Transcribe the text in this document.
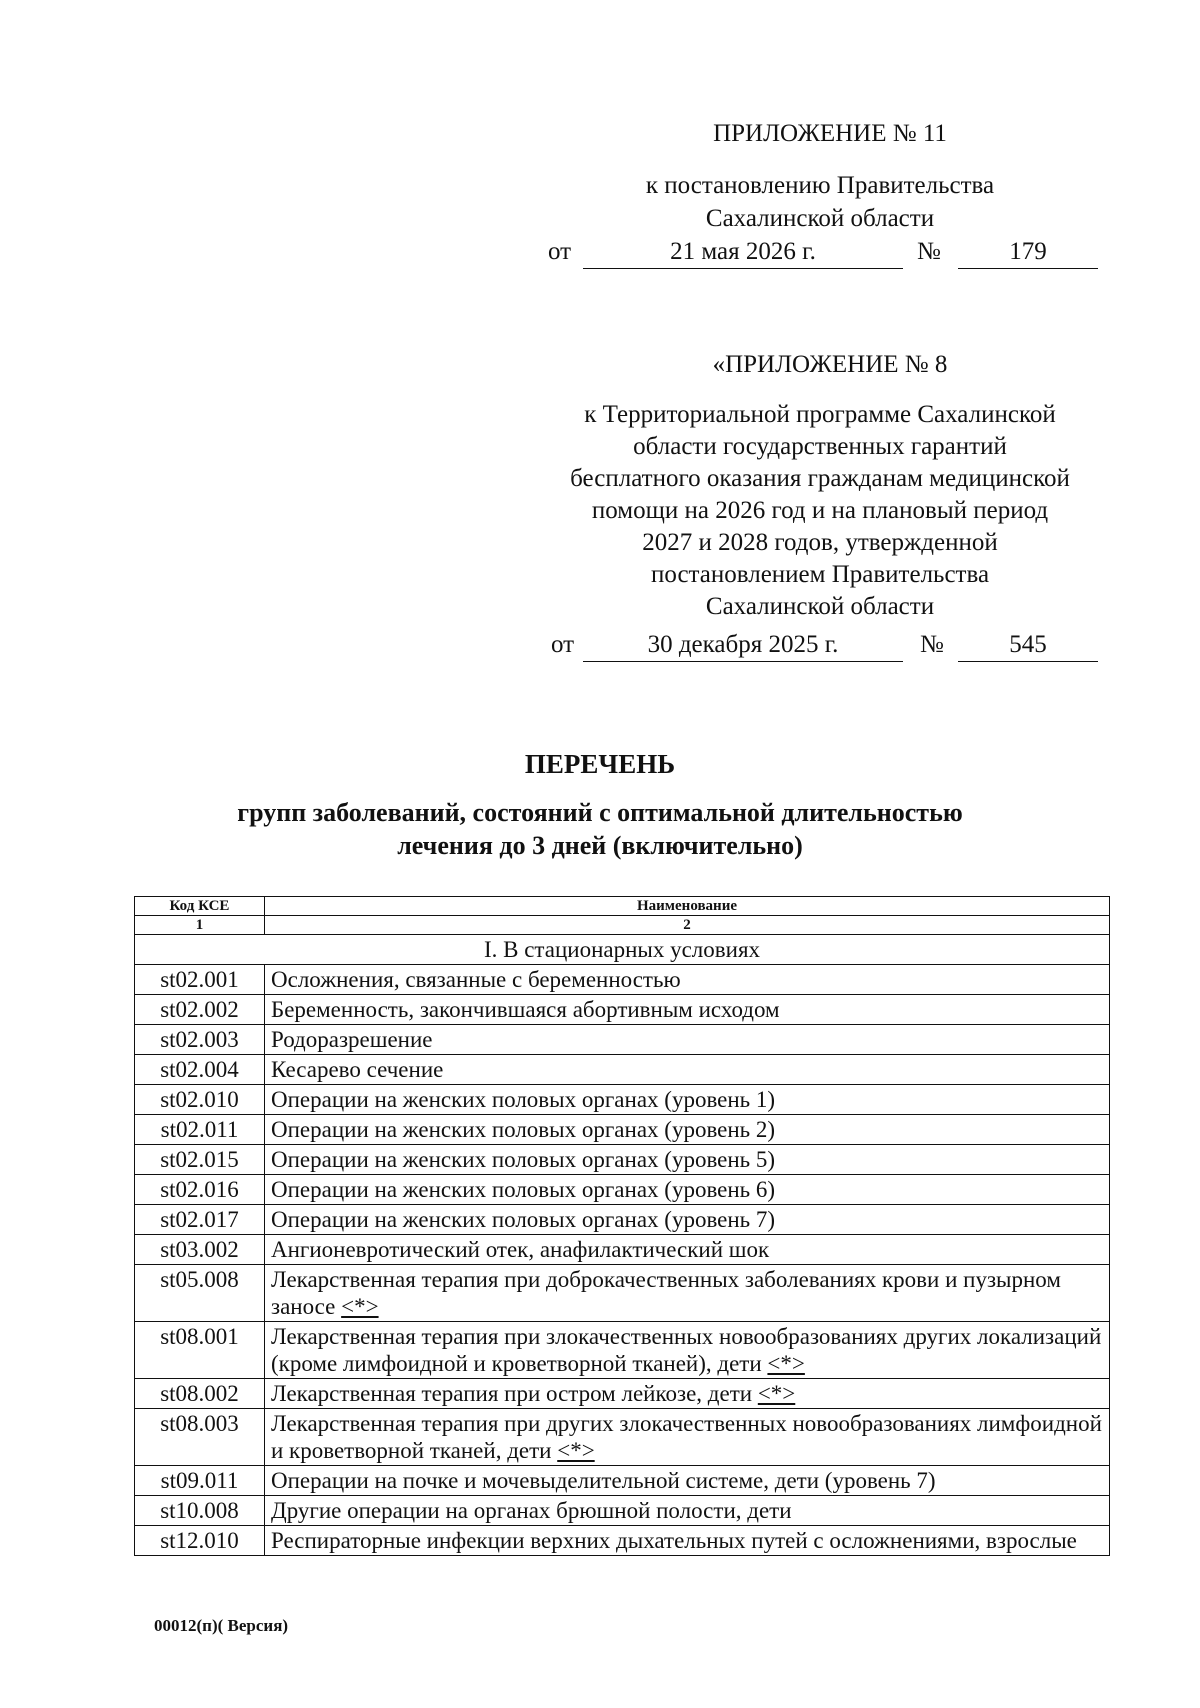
ПРИЛОЖЕНИЕ № 11
к постановлению Правительства
Сахалинской области
от	21 мая 2026 г.	№	179
«ПРИЛОЖЕНИЕ № 8
к Территориальной программе Сахалинской
области государственных гарантий
бесплатного оказания гражданам медицинской
помощи на 2026 год и на плановый период
2027 и 2028 годов, утвержденной
постановлением Правительства
Сахалинской области
от	30 декабря 2025 г.	№	545
ПЕРЕЧЕНЬ
групп заболеваний, состояний с оптимальной длительностью
лечения до 3 дней (включительно)
Код КСЕ	Наименование
1	2
I. В стационарных условиях	
st02.001	Осложнения, связанные с беременностью
st02.002	Беременность, закончившаяся абортивным исходом
st02.003	Родоразрешение
st02.004	Кесарево сечение
st02.010	Операции на женских половых органах (уровень 1)
st02.011	Операции на женских половых органах (уровень 2)
st02.015	Операции на женских половых органах (уровень 5)
st02.016	Операции на женских половых органах (уровень 6)
st02.017	Операции на женских половых органах (уровень 7)
st03.002	Ангионевротический отек, анафилактический шок
st05.008	Лекарственная терапия при доброкачественных заболеваниях крови и пузырном заносе <*>
st08.001	Лекарственная терапия при злокачественных новообразованиях других локализаций (кроме лимфоидной и кроветворной тканей), дети <*>
st08.002	Лекарственная терапия при остром лейкозе, дети <*>
st08.003	Лекарственная терапия при других злокачественных новообразованиях лимфоидной и кроветворной тканей, дети <*>
st09.011	Операции на почке и мочевыделительной системе, дети (уровень 7)
st10.008	Другие операции на органах брюшной полости, дети
st12.010	Респираторные инфекции верхних дыхательных путей с осложнениями, взрослые
00012(п)( Версия)
